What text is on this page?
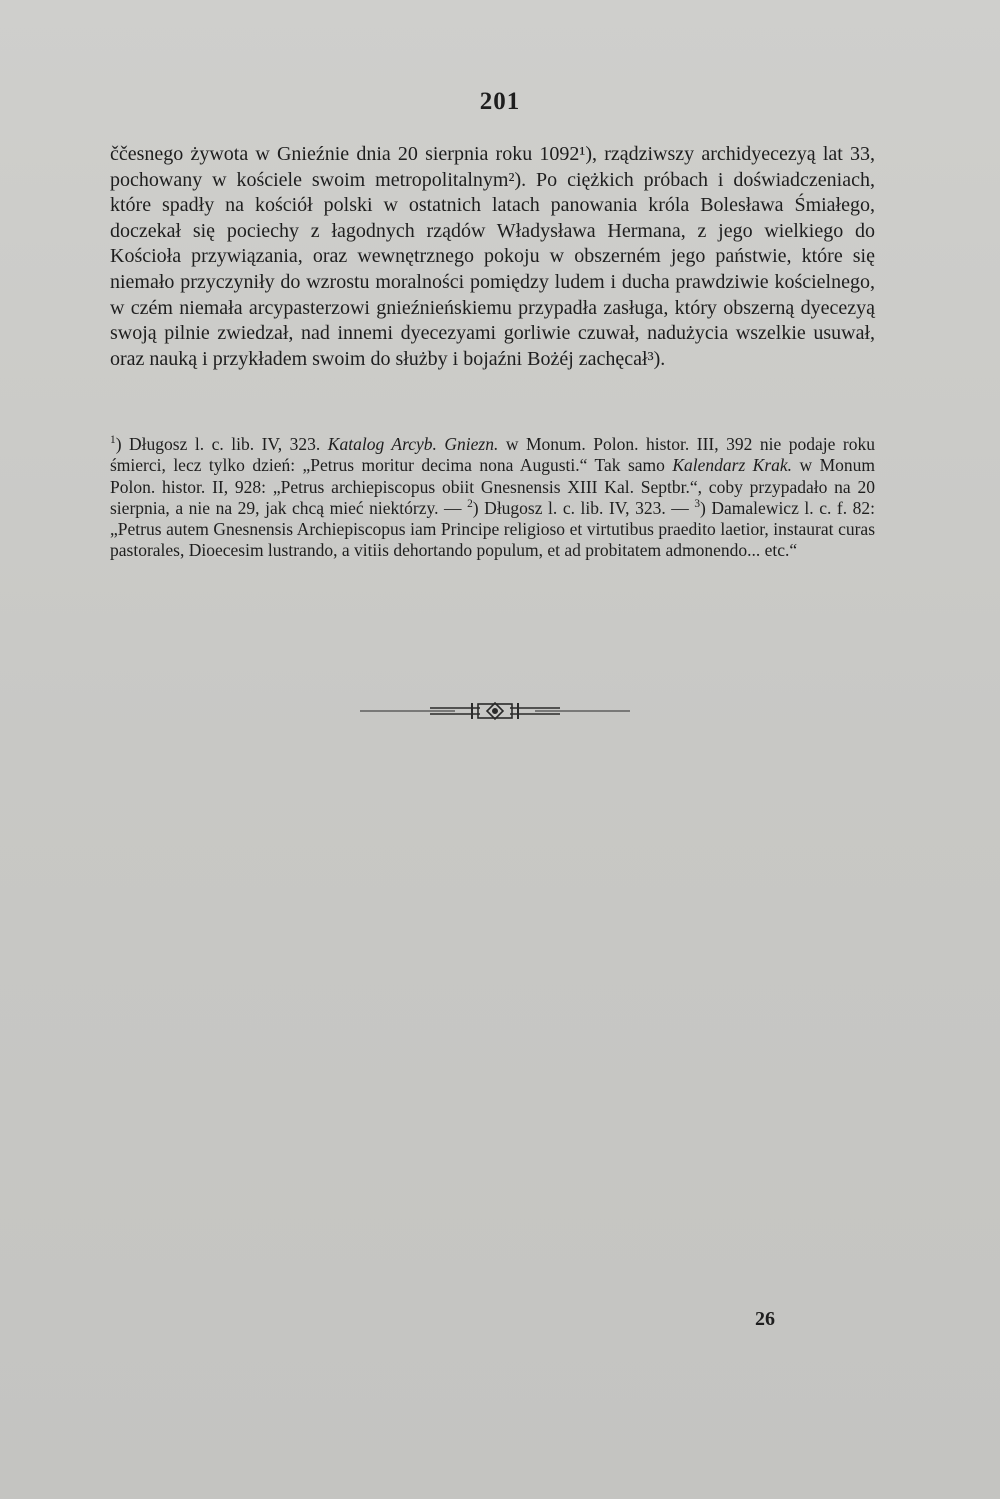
201

ččesnego żywota w Gnieźnie dnia 20 sierpnia roku 1092¹), rządziwszy archidyecezyą lat 33, pochowany w kościele swoim metropolitalnym²). Po ciężkich próbach i doświadczeniach, które spadły na kościół polski w ostatnich latach panowania króla Bolesława Śmiałego, doczekał się pociechy z łagodnych rządów Władysława Hermana, z jego wielkiego do Kościoła przywiązania, oraz wewnętrznego pokoju w obszerném jego państwie, które się niemało przyczyniły do wzrostu moralności pomiędzy ludem i ducha prawdziwie kościelnego, w czém niemała arcypasterzowi gnieźnieńskiemu przypadła zasługa, który obszerną dyecezyą swoją pilnie zwiedzał, nad innemi dyecezyami gorliwie czuwał, nadużycia wszelkie usuwał, oraz nauką i przykładem swoim do służby i bojaźni Bożéj zachęcał³).

$^1$) Długosz l. c. lib. IV, 323. Katalog Arcyb. Gniezn. w Monum. Polon. histor. III, 392 nie podaje roku śmierci, lecz tylko dzień: „Petrus moritur decima nona Augusti.“ Tak samo Kalendarz Krak. w Monum Polon. histor. II, 928: „Petrus archiepiscopus obiit Gnesnensis XIII Kal. Septbr.“, coby przypadało na 20 sierpnia, a nie na 29, jak chcą mieć niektórzy. — $^2$) Długosz l. c. lib. IV, 323. — $^3$) Damalewicz l. c. f. 82: „Petrus autem Gnesnensis Archiepiscopus iam Principe religioso et virtutibus praedito laetior, instaurat curas pastorales, Dioecesim lustrando, a vitiis dehortando populum, et ad probitatem admonendo... etc.“

26
